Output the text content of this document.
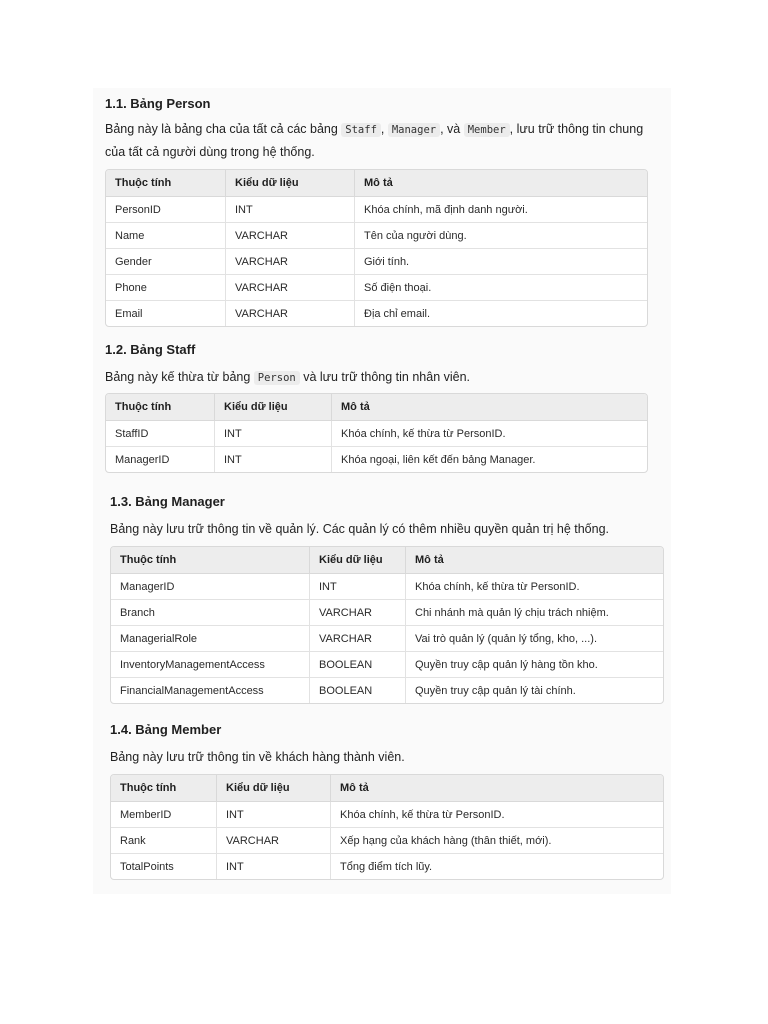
1.1. Bảng Person

Bảng này là bảng cha của tất cả các bảng Staff , Manager , và Member , lưu trữ thông tin chung của tất cả người dùng trong hệ thống.

Thuộc tính	Kiểu dữ liệu	Mô tả
PersonID	INT	Khóa chính, mã định danh người.
Name	VARCHAR	Tên của người dùng.
Gender	VARCHAR	Giới tính.
Phone	VARCHAR	Số điện thoại.
Email	VARCHAR	Địa chỉ email.
1.2. Bảng Staff

Bảng này kế thừa từ bảng Person và lưu trữ thông tin nhân viên.

Thuộc tính	Kiểu dữ liệu	Mô tả
StaffID	INT	Khóa chính, kế thừa từ PersonID.
ManagerID	INT	Khóa ngoại, liên kết đến bảng Manager.
1.3. Bảng Manager

Bảng này lưu trữ thông tin về quản lý. Các quản lý có thêm nhiều quyền quản trị hệ thống.

Thuộc tính	Kiểu dữ liệu	Mô tả
ManagerID	INT	Khóa chính, kế thừa từ PersonID.
Branch	VARCHAR	Chi nhánh mà quản lý chịu trách nhiệm.
ManagerialRole	VARCHAR	Vai trò quản lý (quản lý tổng, kho, ...).
InventoryManagementAccess	BOOLEAN	Quyền truy cập quản lý hàng tồn kho.
FinancialManagementAccess	BOOLEAN	Quyền truy cập quản lý tài chính.
1.4. Bảng Member

Bảng này lưu trữ thông tin về khách hàng thành viên.

Thuộc tính	Kiểu dữ liệu	Mô tả
MemberID	INT	Khóa chính, kế thừa từ PersonID.
Rank	VARCHAR	Xếp hạng của khách hàng (thân thiết, mới).
TotalPoints	INT	Tổng điểm tích lũy.
